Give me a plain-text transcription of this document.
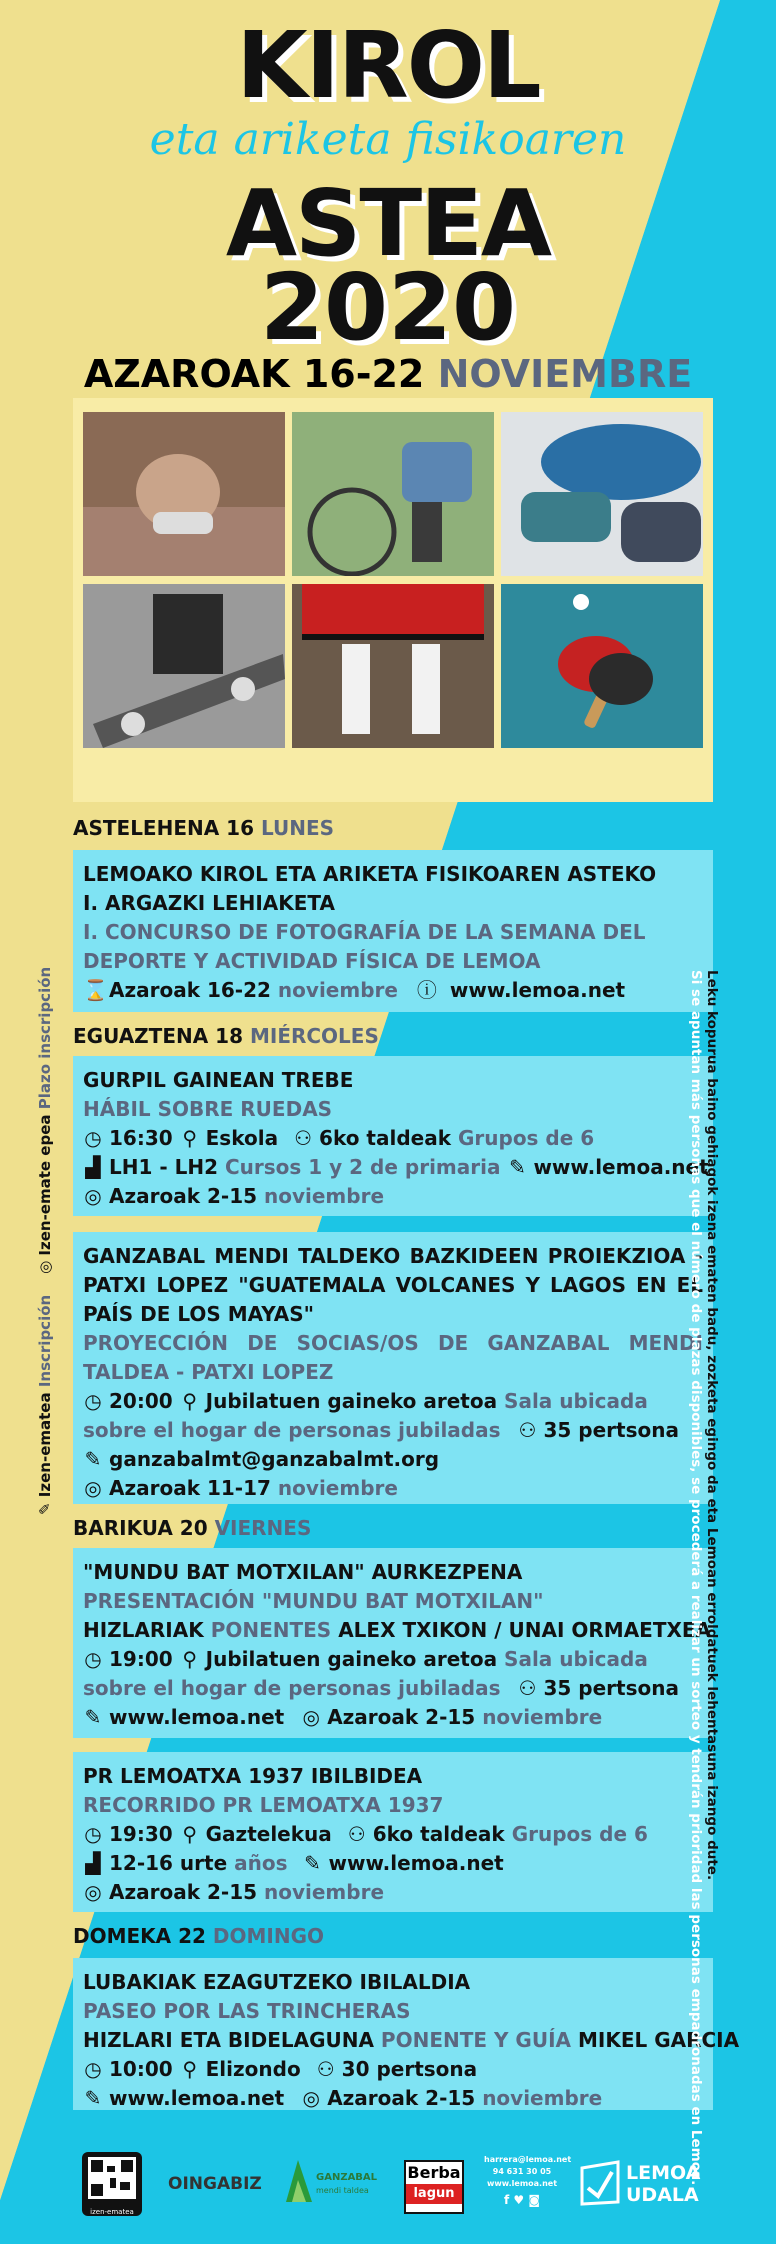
KIROL
eta ariketa fisikoaren
ASTEA
2020
AZAROAK 16-22 NOVIEMBRE
ASTELEHENA 16 LUNES
LEMOAKO KIROL ETA ARIKETA FISIKOAREN ASTEKO
I. ARGAZKI LEHIAKETA
I. CONCURSO DE FOTOGRAFÍA DE LA SEMANA DEL
DEPORTE Y ACTIVIDAD FÍSICA DE LEMOA
⌛Azaroak 16-22 noviembre ⓘ www.lemoa.net
EGUAZTENA 18 MIÉRCOLES
GURPIL GAINEAN TREBE
HÁBIL SOBRE RUEDAS
◷ 16:30 ⚲ Eskola ⚇ 6ko taldeak Grupos de 6
▟ LH1 - LH2 Cursos 1 y 2 de primaria ✎ www.lemoa.net
◎ Azaroak 2-15 noviembre
GANZABAL MENDI TALDEKO BAZKIDEEN PROIEKZIOA - PATXI LOPEZ "GUATEMALA VOLCANES Y LAGOS EN EL PAÍS DE LOS MAYAS"
PROYECCIÓN DE SOCIAS/OS DE GANZABAL MENDI TALDEA - PATXI LOPEZ
◷ 20:00 ⚲ Jubilatuen gaineko aretoa Sala ubicada
sobre el hogar de personas jubiladas ⚇ 35 pertsona
✎ ganzabalmt@ganzabalmt.org
◎ Azaroak 11-17 noviembre
BARIKUA 20 VIERNES
"MUNDU BAT MOTXILAN" AURKEZPENA
PRESENTACIÓN "MUNDU BAT MOTXILAN"
HIZLARIAK PONENTES ALEX TXIKON / UNAI ORMAETXEA
◷ 19:00 ⚲ Jubilatuen gaineko aretoa Sala ubicada
sobre el hogar de personas jubiladas ⚇ 35 pertsona
✎ www.lemoa.net ◎ Azaroak 2-15 noviembre
PR LEMOATXA 1937 IBILBIDEA
RECORRIDO PR LEMOATXA 1937
◷ 19:30 ⚲ Gaztelekua ⚇ 6ko taldeak Grupos de 6
▟ 12-16 urte años ✎ www.lemoa.net
◎ Azaroak 2-15 noviembre
DOMEKA 22 DOMINGO
LUBAKIAK EZAGUTZEKO IBILALDIA
PASEO POR LAS TRINCHERAS
HIZLARI ETA BIDELAGUNA PONENTE Y GUÍA MIKEL GARCIA
◷ 10:00 ⚲ Elizondo ⚇ 30 pertsona
✎ www.lemoa.net ◎ Azaroak 2-15 noviembre
✎ Izen-ematea Inscripción    ◎ Izen-emate epea Plazo inscripción	Leku kopurua baino gehiagok izena ematen badu, zozketa egingo da eta Lemoan erroldatuek lehentasuna izango dute.
Si se apuntan más personas que el número de plazas disponibles, se procederá a realizar un sorteo y tendrán prioridad las personas empadronadas en Lemoa.
izen-ematea
OINGABIZ	GANZABAL
mendi taldea
Berba
lagun
harrera@lemoa.net
94 631 30 05
www.lemoa.net
f ♥ ◙
LEMOA
UDALA
